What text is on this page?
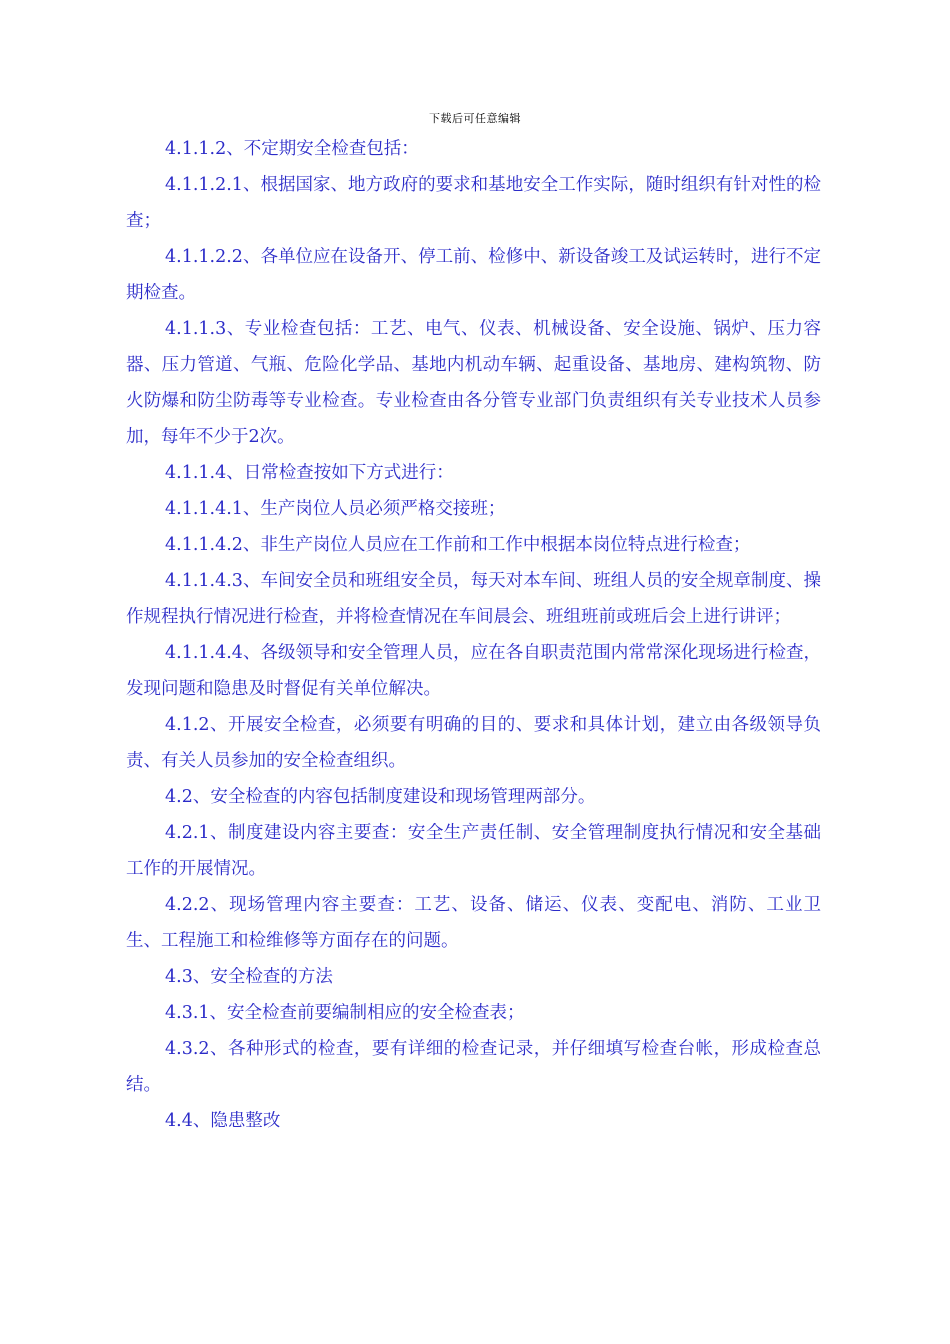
下载后可任意编辑

4.1.1.2、不定期安全检查包括：

4.1.1.2.1、根据国家、地方政府的要求和基地安全工作实际，随时组织有针对性的检查；

4.1.1.2.2、各单位应在设备开、停工前、检修中、新设备竣工及试运转时，进行不定期检查。

4.1.1.3、专业检查包括：工艺、电气、仪表、机械设备、安全设施、锅炉、压力容器、压力管道、气瓶、危险化学品、基地内机动车辆、起重设备、基地房、建构筑物、防火防爆和防尘防毒等专业检查。专业检查由各分管专业部门负责组织有关专业技术人员参加，每年不少于2次。

4.1.1.4、日常检查按如下方式进行：

4.1.1.4.1、生产岗位人员必须严格交接班；

4.1.1.4.2、非生产岗位人员应在工作前和工作中根据本岗位特点进行检查；

4.1.1.4.3、车间安全员和班组安全员，每天对本车间、班组人员的安全规章制度、操作规程执行情况进行检查，并将检查情况在车间晨会、班组班前或班后会上进行讲评；

4.1.1.4.4、各级领导和安全管理人员，应在各自职责范围内常常深化现场进行检查，发现问题和隐患及时督促有关单位解决。

4.1.2、开展安全检查，必须要有明确的目的、要求和具体计划，建立由各级领导负责、有关人员参加的安全检查组织。

4.2、安全检查的内容包括制度建设和现场管理两部分。

4.2.1、制度建设内容主要查：安全生产责任制、安全管理制度执行情况和安全基础工作的开展情况。

4.2.2、现场管理内容主要查：工艺、设备、储运、仪表、变配电、消防、工业卫生、工程施工和检维修等方面存在的问题。

4.3、安全检查的方法

4.3.1、安全检查前要编制相应的安全检查表；

4.3.2、各种形式的检查，要有详细的检查记录，并仔细填写检查台帐，形成检查总结。

4.4、隐患整改
